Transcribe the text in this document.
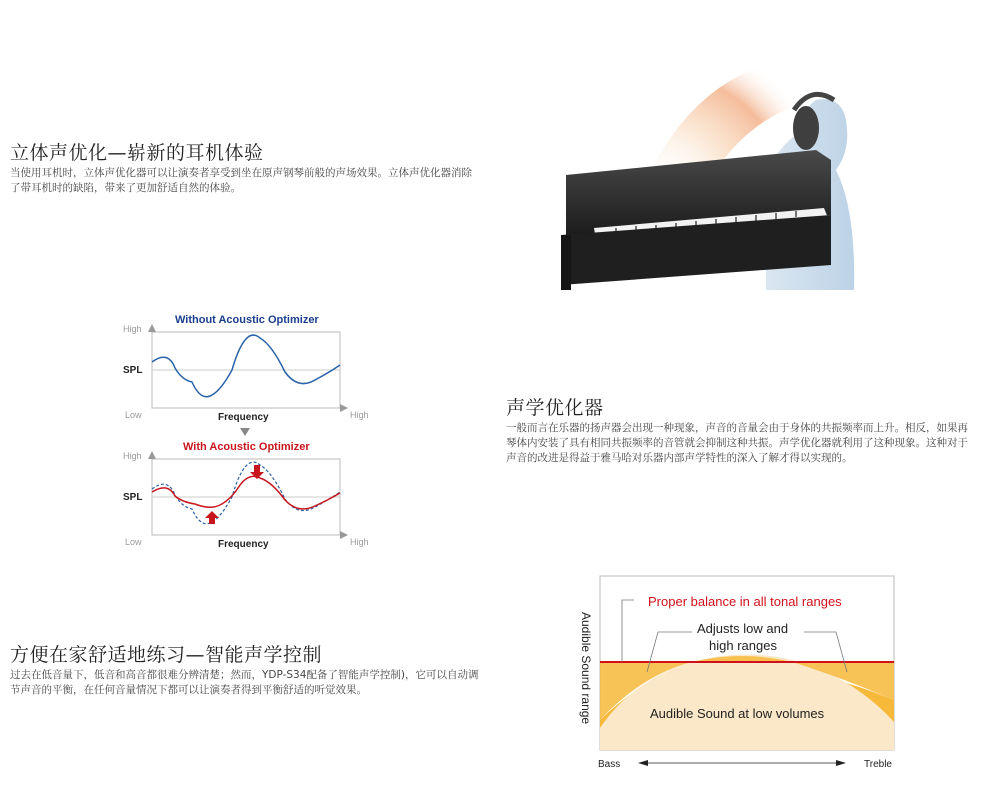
立体声优化—崭新的耳机体验

当使用耳机时，立体声优化器可以让演奏者享受到坐在原声钢琴前般的声场效果。立体声优化器消除了带耳机时的缺陷，带来了更加舒适自然的体验。

Without Acoustic Optimizer
High
SPL
Low	Frequency	High
With Acoustic Optimizer
High
SPL
Low	Frequency	High
声学优化器

一般而言在乐器的扬声器会出现一种现象，声音的音量会由于身体的共振频率而上升。相反，如果再琴体内安装了具有相同共振频率的音管就会抑制这种共振。声学优化器就利用了这种现象。这种对于声音的改进是得益于雅马哈对乐器内部声学特性的深入了解才得以实现的。

方便在家舒适地练习—智能声学控制

过去在低音量下，低音和高音都很难分辨清楚；然而，YDP-S34配备了智能声学控制)，它可以自动调节声音的平衡，在任何音量情况下都可以让演奏者得到平衡舒适的听觉效果。

Proper balance in all tonal ranges
Adjusts low and
high ranges
Audible Sound at low volumes
Audible Sound range
Bass	Treble
